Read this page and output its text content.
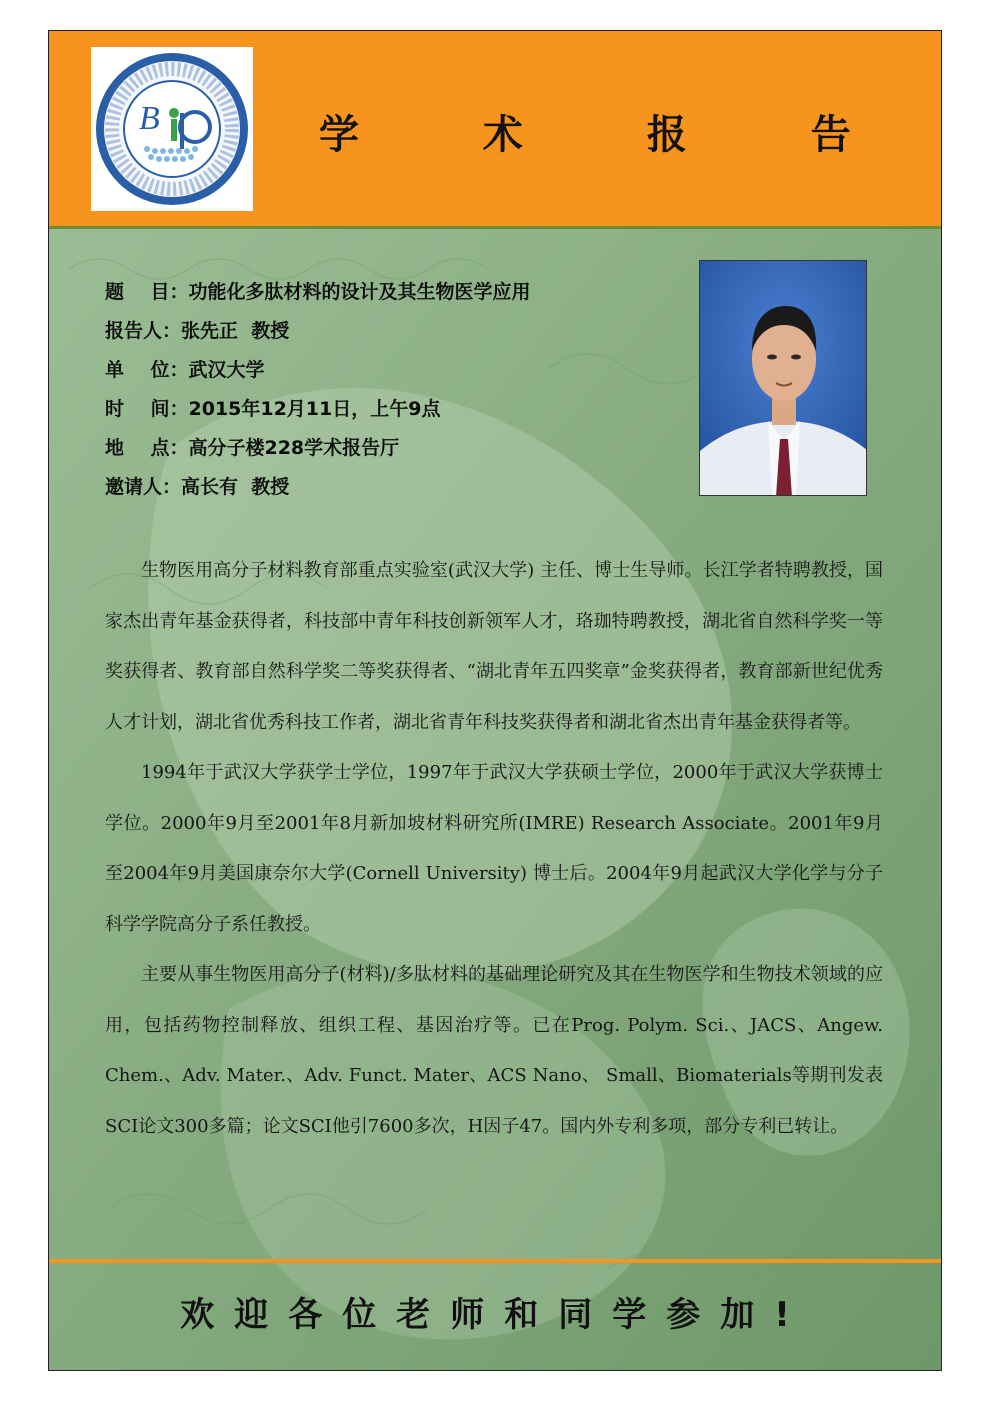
B	学 术 报 告
题    目：功能化多肽材料的设计及其生物医学应用
报告人：张先正  教授
单    位：武汉大学
时    间：2015年12月11日，上午9点
地    点：高分子楼228学术报告厅
邀请人：高长有  教授

生物医用高分子材料教育部重点实验室(武汉大学) 主任、博士生导师。长江学者特聘教授，国家杰出青年基金获得者，科技部中青年科技创新领军人才，珞珈特聘教授，湖北省自然科学奖一等奖获得者、教育部自然科学奖二等奖获得者、“湖北青年五四奖章”金奖获得者，教育部新世纪优秀人才计划，湖北省优秀科技工作者，湖北省青年科技奖获得者和湖北省杰出青年基金获得者等。

1994年于武汉大学获学士学位，1997年于武汉大学获硕士学位，2000年于武汉大学获博士学位。2000年9月至2001年8月新加坡材料研究所(IMRE) Research Associate。2001年9月至2004年9月美国康奈尔大学(Cornell University) 博士后。2004年9月起武汉大学化学与分子科学学院高分子系任教授。

主要从事生物医用高分子(材料)/多肽材料的基础理论研究及其在生物医学和生物技术领域的应用，包括药物控制释放、组织工程、基因治疗等。已在Prog. Polym. Sci.、JACS、Angew. Chem.、Adv. Mater.、Adv. Funct. Mater、ACS Nano、 Small、Biomaterials等期刊发表SCI论文300多篇；论文SCI他引7600多次，H因子47。国内外专利多项，部分专利已转让。

欢迎各位老师和同学参加!
